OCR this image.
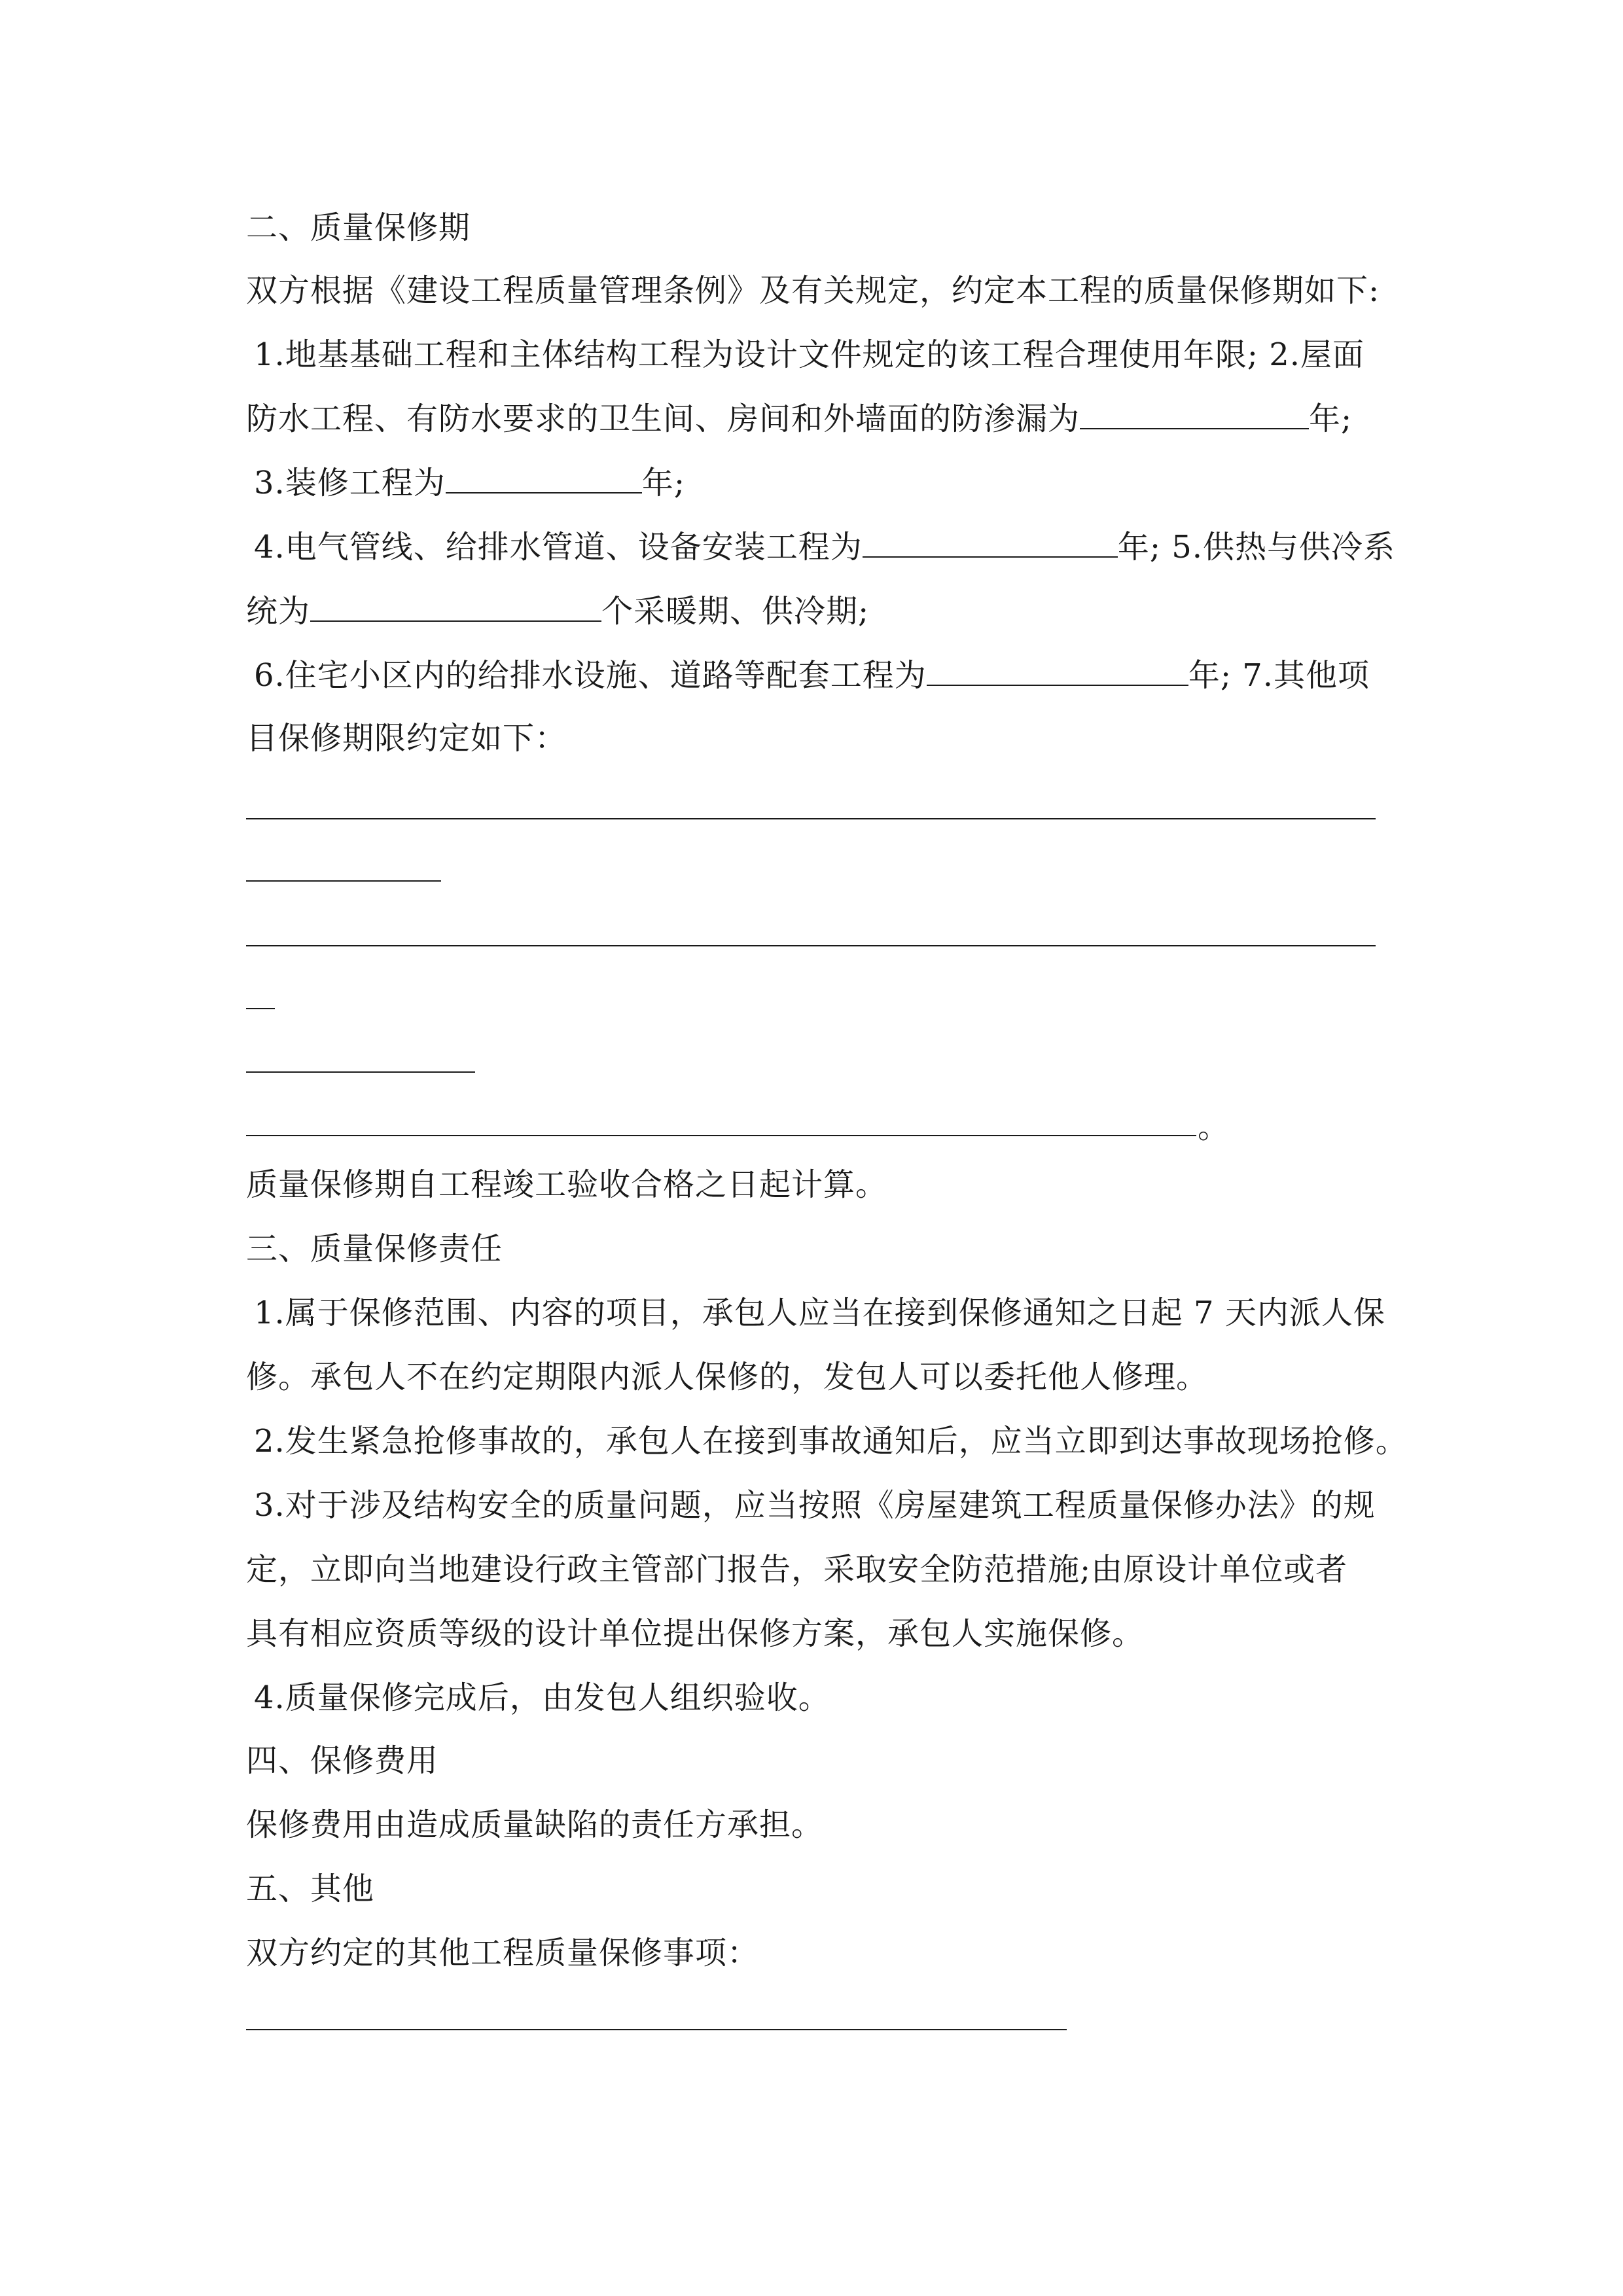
二、质量保修期
双方根据《建设工程质量管理条例》及有关规定，约定本工程的质量保修期如下:
1.地基基础工程和主体结构工程为设计文件规定的该工程合理使用年限; 2.屋面
防水工程、有防水要求的卫生间、房间和外墙面的防渗漏为	年;
3.装修工程为	年;
4.电气管线、给排水管道、设备安装工程为	年; 5.供热与供冷系
统为	个采暖期、供冷期;
6.住宅小区内的给排水设施、道路等配套工程为	年; 7.其他项
目保修期限约定如下：
。
质量保修期自工程竣工验收合格之日起计算。
三、质量保修责任
1.属于保修范围、内容的项目，承包人应当在接到保修通知之日起 7 天内派人保
修。承包人不在约定期限内派人保修的，发包人可以委托他人修理。
2.发生紧急抢修事故的，承包人在接到事故通知后，应当立即到达事故现场抢修。
3.对于涉及结构安全的质量问题，应当按照《房屋建筑工程质量保修办法》的规
定，立即向当地建设行政主管部门报告，采取安全防范措施;由原设计单位或者
具有相应资质等级的设计单位提出保修方案，承包人实施保修。
4.质量保修完成后，由发包人组织验收。
四、保修费用
保修费用由造成质量缺陷的责任方承担。
五、其他
双方约定的其他工程质量保修事项：
